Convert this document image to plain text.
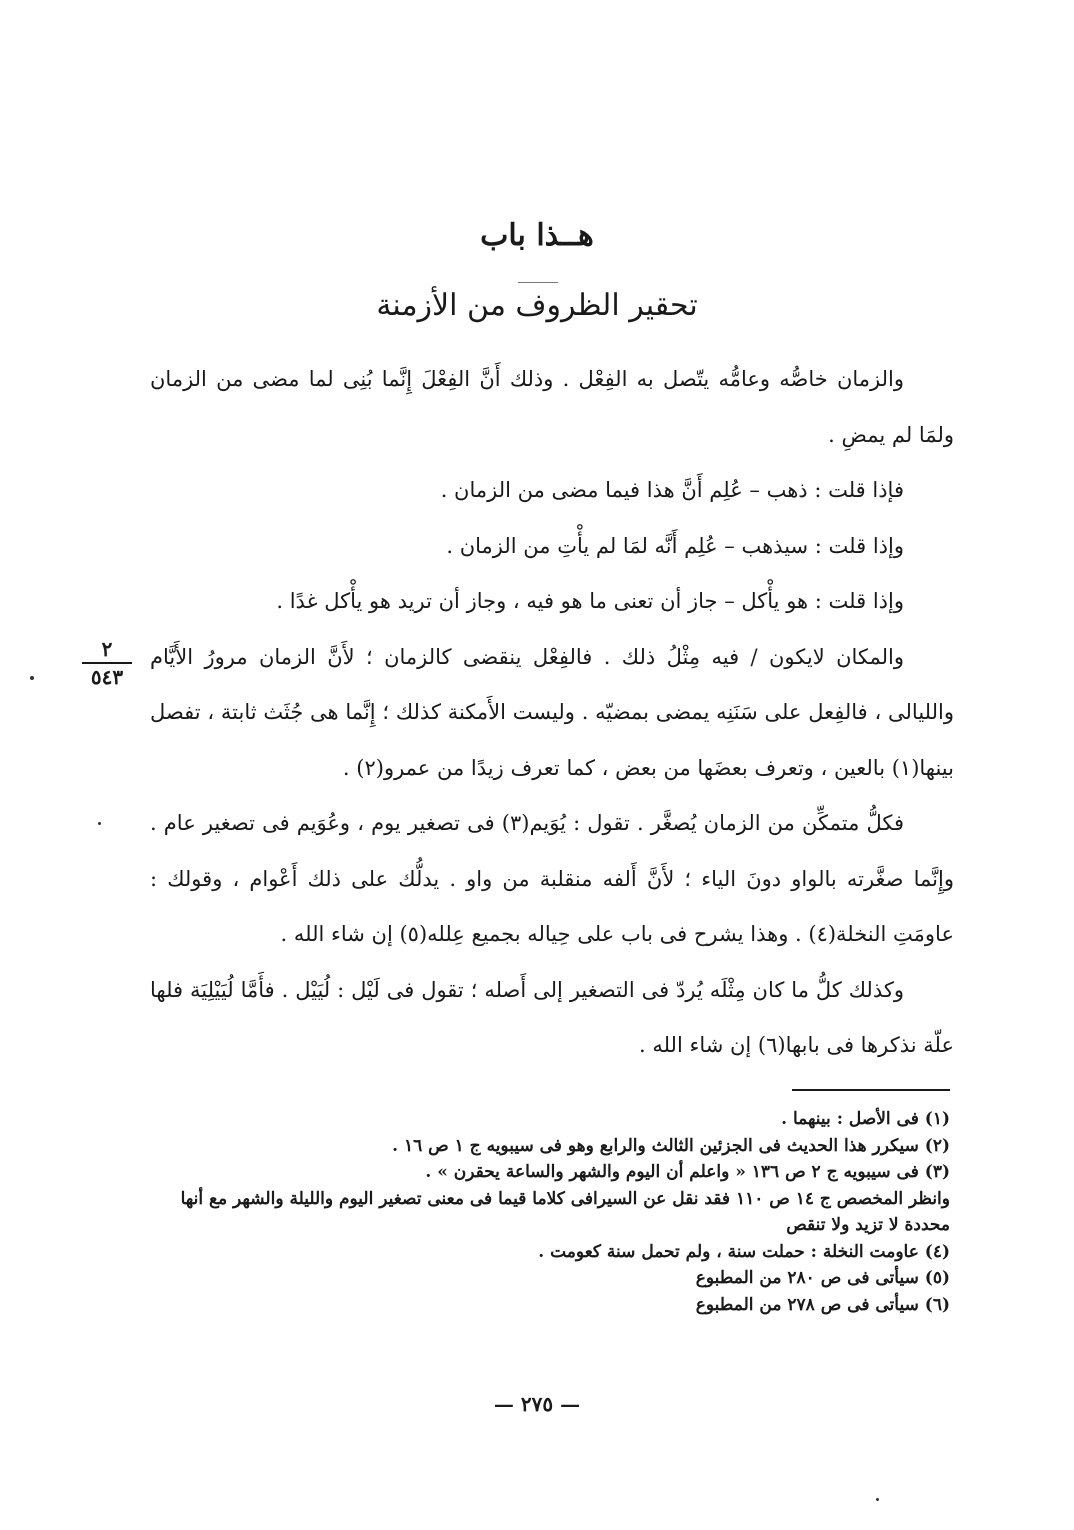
هــذا باب
تحقير الظروف من الأزمنة

والزمان خاصُّه وعامُّه يتّصل به الفِعْل . وذلك أَنَّ الفِعْلَ إِنَّما بُنِى لما مضى من الزمان ولمَا لم يمضِ .

فإذا قلت : ذهب – عُلِم أَنَّ هذا فيما مضى من الزمان .

وإذا قلت : سيذهب – عُلِم أَنَّه لمَا لم يأْتِ من الزمان .

وإذا قلت : هو يأْكل – جاز أن تعنى ما هو فيه ، وجاز أن تريد هو يأْكل غدًا .

والمكان لايكون / فيه مِثْلُ ذلك . فالفِعْل ينقضى كالزمان ؛ لأَنَّ الزمان مرورُ الأَيَّام والليالى ، فالفِعل على سَنَنِه يمضى بمضيّه . وليست الأَمكنة كذلك ؛ إِنَّما هى جُثَث ثابتة ، تفصل بينها(١) بالعين ، وتعرف بعضَها من بعض ، كما تعرف زيدًا من عمرو(٢) .

فكلُّ متمكِّن من الزمان يُصغَّر . تقول : يُوَيم(٣) فى تصغير يوم ، وعُوَيم فى تصغير عام . وإِنَّما صغَّرته بالواو دونَ الياء ؛ لأَنَّ أَلفه منقلبة من واو . يدلُّك على ذلك أَعْوام ، وقولك : عاومَتِ النخلة(٤) . وهذا يشرح فى باب على حِياله بجميع عِلله(٥) إن شاء الله .

وكذلك كلُّ ما كان مِثْلَه يُردّ فى التصغير إلى أَصله ؛ تقول فى لَيْل : لُيَيْل . فأَمَّا لُيَيْلِيَة فلها علّة نذكرها فى بابها(٦) إن شاء الله .

٢
٥٤٣

(١) فى الأصل : بينهما .

(٢) سيكرر هذا الحديث فى الجزئين الثالث والرابع وهو فى سيبويه ج ١ ص ١٦ .

(٣) فى سيبويه ج ٢ ص ١٣٦ « واعلم أن اليوم والشهر والساعة يحقرن » .

وانظر المخصص ج ١٤ ص ١١٠ فقد نقل عن السيرافى كلاما قيما فى معنى تصغير اليوم والليلة والشهر مع أنها محددة لا تزيد ولا تنقص

(٤) عاومت النخلة : حملت سنة ، ولم تحمل سنة كعومت .

(٥) سيأتى فى ص ٢٨٠ من المطبوع

(٦) سيأتى فى ص ٢٧٨ من المطبوع

— ٢٧٥ —
